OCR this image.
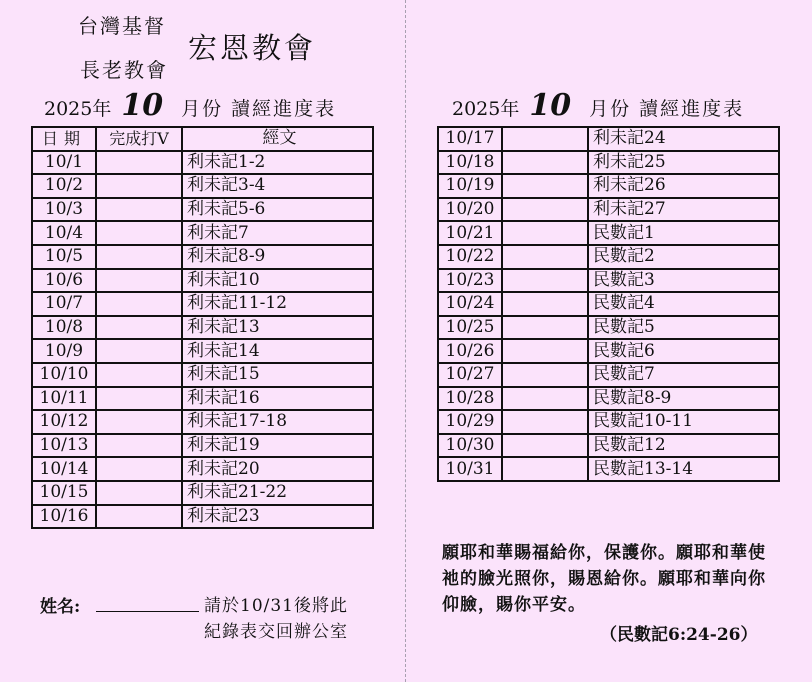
台灣基督
長老教會
宏恩教會
2025年 10 月份 讀經進度表	2025年 10 月份 讀經進度表
日期	完成打V	經文
10/1		利未記1-2
10/2		利未記3-4
10/3		利未記5-6
10/4		利未記7
10/5		利未記8-9
10/6		利未記10
10/7		利未記11-12
10/8		利未記13
10/9		利未記14
10/10		利未記15
10/11		利未記16
10/12		利未記17-18
10/13		利未記19
10/14		利未記20
10/15		利未記21-22
10/16		利未記23
10/17		利未記24
10/18		利未記25
10/19		利未記26
10/20		利未記27
10/21		民數記1
10/22		民數記2
10/23		民數記3
10/24		民數記4
10/25		民數記5
10/26		民數記6
10/27		民數記7
10/28		民數記8-9
10/29		民數記10-11
10/30		民數記12
10/31		民數記13-14
姓名:	請於10/31後將此
紀錄表交回辦公室
願耶和華賜福給你，保護你。願耶和華使祂的臉光照你，賜恩給你。願耶和華向你仰臉，賜你平安。
（民數記6:24-26）
